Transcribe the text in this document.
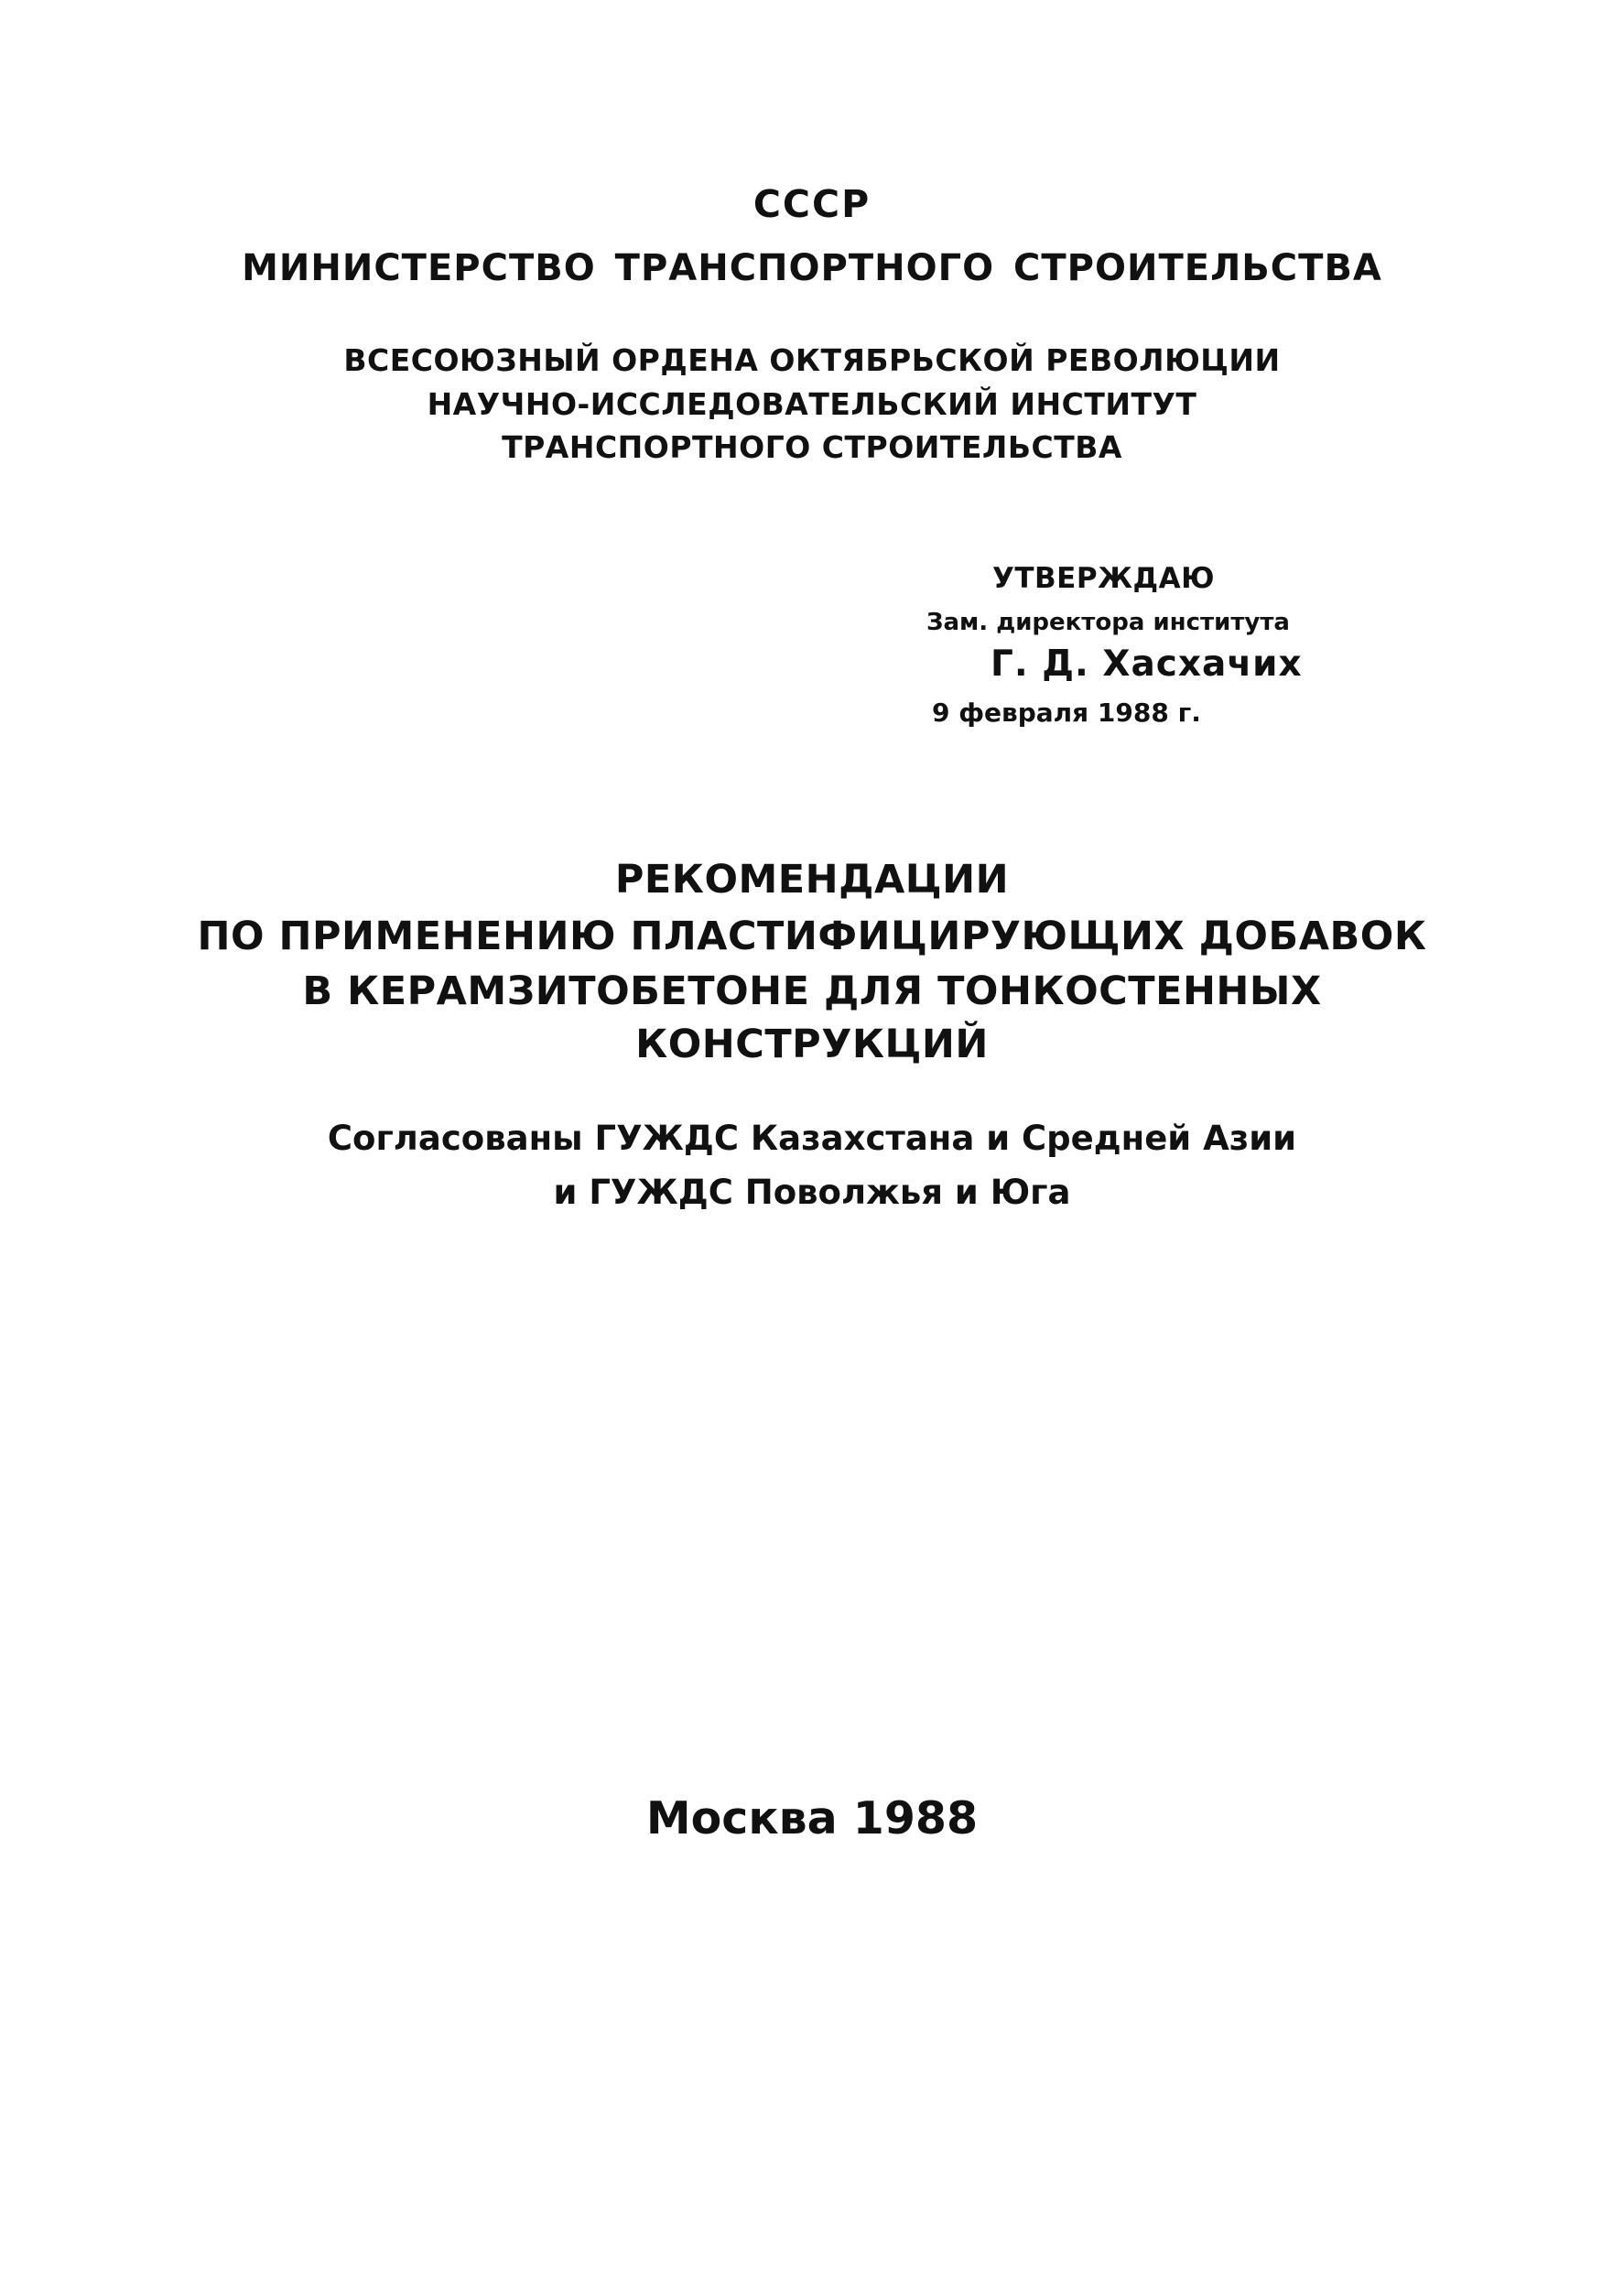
СССР
МИНИСТЕРСТВО ТРАНСПОРТНОГО СТРОИТЕЛЬСТВА
ВСЕСОЮЗНЫЙ ОРДЕНА ОКТЯБРЬСКОЙ РЕВОЛЮЦИИ
НАУЧНО-ИССЛЕДОВАТЕЛЬСКИЙ ИНСТИТУТ
ТРАНСПОРТНОГО СТРОИТЕЛЬСТВА
УТВЕРЖДАЮ
Зам. директора института
Г. Д. Хасхачих
9 февраля 1988 г.
РЕКОМЕНДАЦИИ
ПО ПРИМЕНЕНИЮ ПЛАСТИФИЦИРУЮЩИХ ДОБАВОК
В КЕРАМЗИТОБЕТОНЕ ДЛЯ ТОНКОСТЕННЫХ
КОНСТРУКЦИЙ
Согласованы ГУЖДС Казахстана и Средней Азии
и ГУЖДС Поволжья и Юга
Москва 1988
